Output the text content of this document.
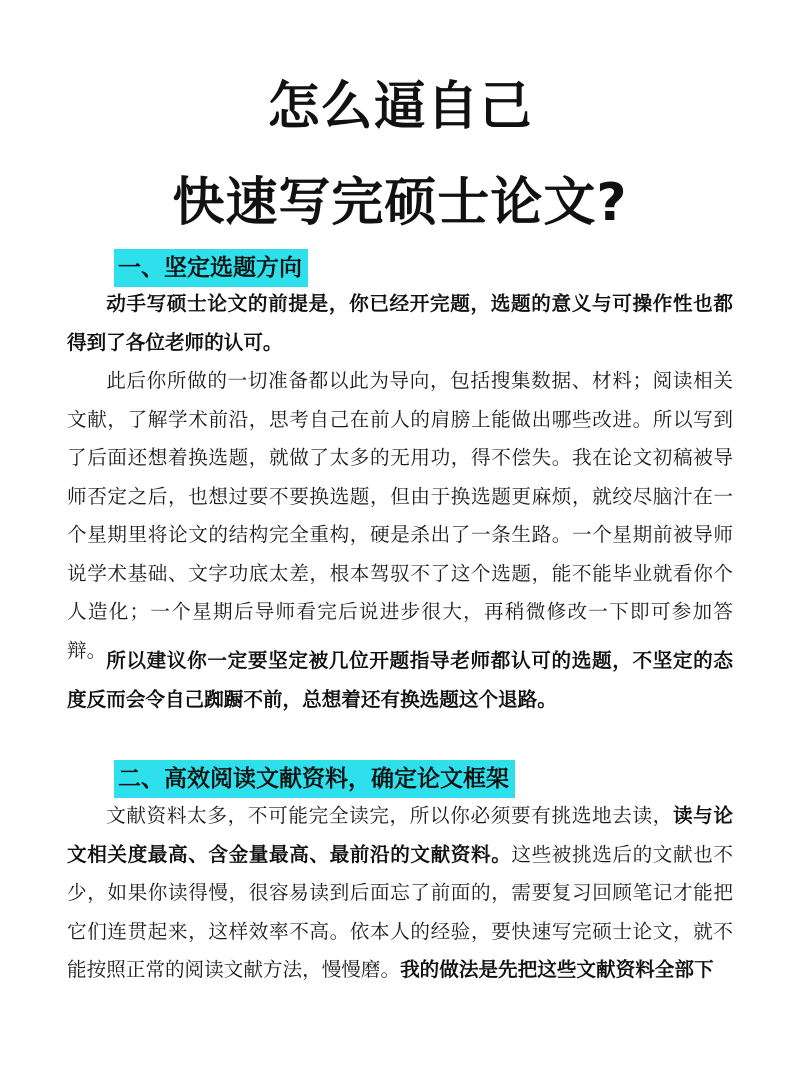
怎么逼自己
快速写完硕士论文?
一、坚定选题方向

动手写硕士论文的前提是，你已经开完题，选题的意义与可操作性也都得到了各位老师的认可。

此后你所做的一切准备都以此为导向，包括搜集数据、材料；阅读相关文献，了解学术前沿，思考自己在前人的肩膀上能做出哪些改进。所以写到了后面还想着换选题，就做了太多的无用功，得不偿失。我在论文初稿被导师否定之后，也想过要不要换选题，但由于换选题更麻烦，就绞尽脑汁在一个星期里将论文的结构完全重构，硬是杀出了一条生路。一个星期前被导师说学术基础、文字功底太差，根本驾驭不了这个选题，能不能毕业就看你个人造化；一个星期后导师看完后说进步很大，再稍微修改一下即可参加答辩。 所以建议你一定要坚定被几位开题指导老师都认可的选题，不坚定的态度反而会令自己踟蹰不前，总想着还有换选题这个退路。

二、高效阅读文献资料，确定论文框架

文献资料太多，不可能完全读完，所以你必须要有挑选地去读，读与论文相关度最高、含金量最高、最前沿的文献资料。这些被挑选后的文献也不少，如果你读得慢，很容易读到后面忘了前面的，需要复习回顾笔记才能把它们连贯起来，这样效率不高。依本人的经验，要快速写完硕士论文，就不能按照正常的阅读文献方法，慢慢磨。我的做法是先把这些文献资料全部下
